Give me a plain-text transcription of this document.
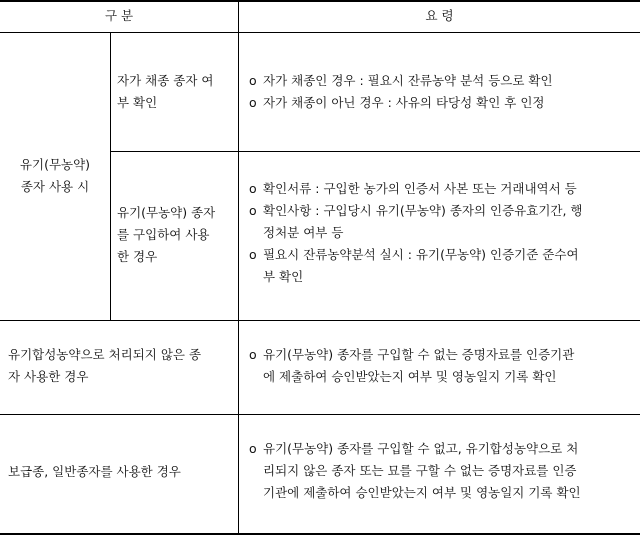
구 분	요 령
유기(무농약)
종자 사용 시
자가 채종 종자 여
부 확인
o 자가 채종인 경우 : 필요시 잔류농약 분석 등으로 확인
o 자가 채종이 아닌 경우 : 사유의 타당성 확인 후 인정
유기(무농약) 종자
를 구입하여 사용
한 경우
o 확인서류 : 구입한 농가의 인증서 사본 또는 거래내역서 등
o 확인사항 : 구입당시 유기(무농약) 종자의 인증유효기간, 행
정처분 여부 등
o 필요시 잔류농약분석 실시 : 유기(무농약) 인증기준 준수여
부 확인
유기합성농약으로 처리되지 않은 종
자 사용한 경우
o 유기(무농약) 종자를 구입할 수 없는 증명자료를 인증기관
에 제출하여 승인받았는지 여부 및 영농일지 기록 확인
보급종, 일반종자를 사용한 경우
o 유기(무농약) 종자를 구입할 수 없고, 유기합성농약으로 처
리되지 않은 종자 또는 묘를 구할 수 없는 증명자료를 인증
기관에 제출하여 승인받았는지 여부 및 영농일지 기록 확인
